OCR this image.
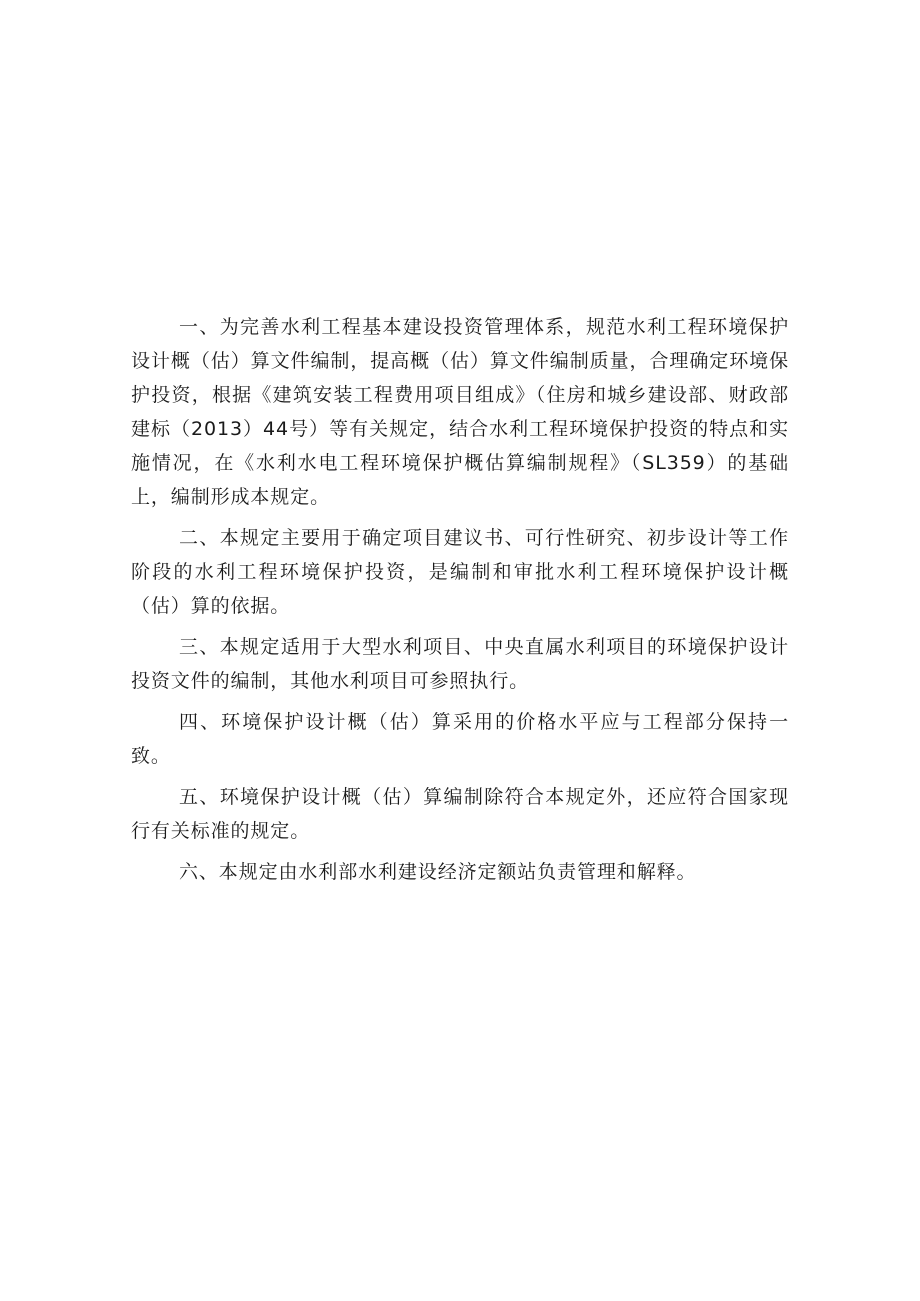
一、为完善水利工程基本建设投资管理体系，规范水利工程环境保护设计概（估）算文件编制，提高概（估）算文件编制质量，合理确定环境保护投资，根据《建筑安装工程费用项目组成》（住房和城乡建设部、财政部建标（2013）44号）等有关规定，结合水利工程环境保护投资的特点和实施情况，在《水利水电工程环境保护概估算编制规程》（SL359）的基础上，编制形成本规定。

二、本规定主要用于确定项目建议书、可行性研究、初步设计等工作阶段的水利工程环境保护投资，是编制和审批水利工程环境保护设计概（估）算的依据。

三、本规定适用于大型水利项目、中央直属水利项目的环境保护设计投资文件的编制，其他水利项目可参照执行。

四、环境保护设计概（估）算采用的价格水平应与工程部分保持一致。

五、环境保护设计概（估）算编制除符合本规定外，还应符合国家现行有关标准的规定。

六、本规定由水利部水利建设经济定额站负责管理和解释。
